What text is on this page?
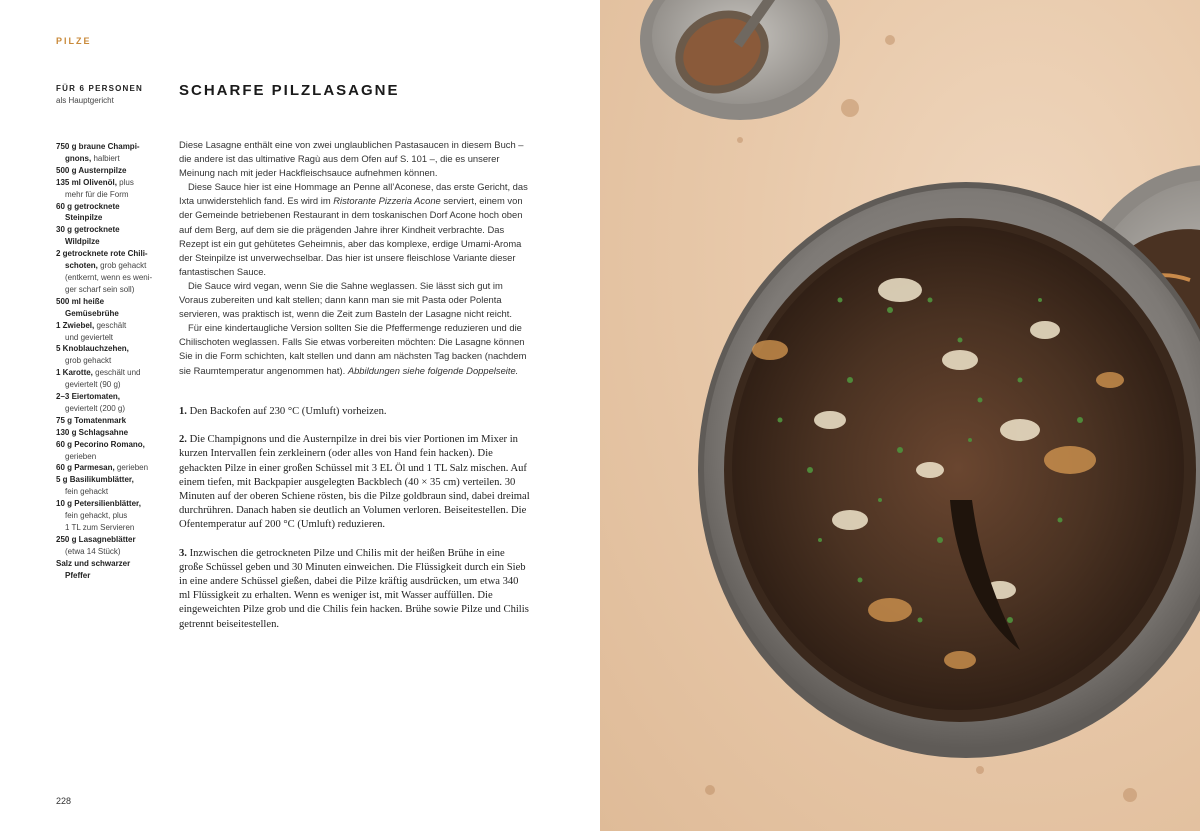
PILZE
FÜR 6 PERSONEN
als Hauptgericht
750 g braune Champi-
gnons, halbiert
500 g Austernpilze
135 ml Olivenöl, plus
mehr für die Form
60 g getrocknete
Steinpilze
30 g getrocknete
Wildpilze
2 getrocknete rote Chili-
schoten, grob gehackt
(entkernt, wenn es weni-
ger scharf sein soll)
500 ml heiße
Gemüsebrühe
1 Zwiebel, geschält
und geviertelt
5 Knoblauchzehen,
grob gehackt
1 Karotte, geschält und
geviertelt (90 g)
2–3 Eiertomaten,
geviertelt (200 g)
75 g Tomatenmark
130 g Schlagsahne
60 g Pecorino Romano,
gerieben
60 g Parmesan, gerieben
5 g Basilikumblätter,
fein gehackt
10 g Petersilienblätter,
fein gehackt, plus
1 TL zum Servieren
250 g Lasagneblätter
(etwa 14 Stück)
Salz und schwarzer
Pfeffer
SCHARFE PILZLASAGNE

Diese Lasagne enthält eine von zwei unglaublichen Pastasaucen in diesem Buch – die andere ist das ultimative Ragù aus dem Ofen auf S. 101 –, die es unserer Meinung nach mit jeder Hackfleischsauce aufnehmen können.

Diese Sauce hier ist eine Hommage an Penne all’Aconese, das erste Gericht, das Ixta unwiderstehlich fand. Es wird im Ristorante Pizzeria Acone serviert, einem von der Gemeinde betriebenen Restaurant in dem toskanischen Dorf Acone hoch oben auf dem Berg, auf dem sie die prägenden Jahre ihrer Kindheit verbrachte. Das Rezept ist ein gut gehütetes Geheimnis, aber das komplexe, erdige Umami-Aroma der Steinpilze ist unverwechselbar. Das hier ist unsere fleischlose Variante dieser fantastischen Sauce.

Die Sauce wird vegan, wenn Sie die Sahne weglassen. Sie lässt sich gut im Voraus zubereiten und kalt stellen; dann kann man sie mit Pasta oder Polenta servieren, was praktisch ist, wenn die Zeit zum Basteln der Lasagne nicht reicht.

Für eine kindertaugliche Version sollten Sie die Pfeffermenge reduzieren und die Chilischoten weglassen. Falls Sie etwas vorbereiten möchten: Die Lasagne können Sie in die Form schichten, kalt stellen und dann am nächsten Tag backen (nachdem sie Raumtemperatur angenommen hat). Abbildungen siehe folgende Doppelseite.

1. Den Backofen auf 230 °C (Umluft) vorheizen.

2. Die Champignons und die Austernpilze in drei bis vier Portionen im Mixer in kurzen Intervallen fein zerkleinern (oder alles von Hand fein hacken). Die gehackten Pilze in einer großen Schüssel mit 3 EL Öl und 1 TL Salz mischen. Auf einem tiefen, mit Backpapier ausgelegten Backblech (40 × 35 cm) verteilen. 30 Minuten auf der oberen Schiene rösten, bis die Pilze goldbraun sind, dabei dreimal durchrühren. Danach haben sie deutlich an Volumen verloren. Beiseitestellen. Die Ofentemperatur auf 200 °C (Umluft) reduzieren.

3. Inzwischen die getrockneten Pilze und Chilis mit der heißen Brühe in eine große Schüssel geben und 30 Minuten einweichen. Die Flüssigkeit durch ein Sieb in eine andere Schüssel gießen, dabei die Pilze kräftig ausdrücken, um etwa 340 ml Flüssigkeit zu erhalten. Wenn es weniger ist, mit Wasser auffüllen. Die eingeweichten Pilze grob und die Chilis fein hacken. Brühe sowie Pilze und Chilis getrennt beiseitestellen.

228
